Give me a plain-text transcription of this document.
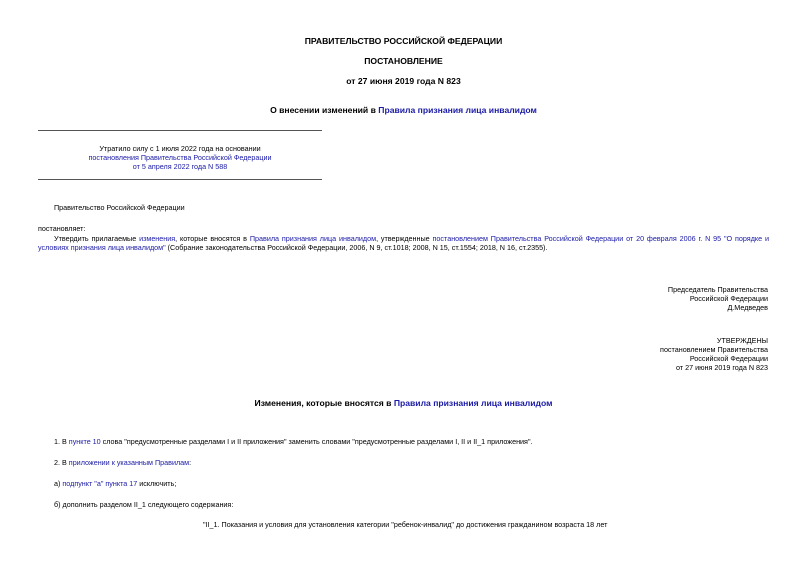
ПРАВИТЕЛЬСТВО РОССИЙСКОЙ ФЕДЕРАЦИИ
ПОСТАНОВЛЕНИЕ
от 27 июня 2019 года N 823
О внесении изменений в Правила признания лица инвалидом
Утратило силу с 1 июля 2022 года на основании
постановления Правительства Российской Федерации
от 5 апреля 2022 года N 588
Правительство Российской Федерации
постановляет:
Утвердить прилагаемые изменения, которые вносятся в Правила признания лица инвалидом, утвержденные постановлением Правительства Российской Федерации от 20 февраля 2006 г. N 95 "О порядке и условиях признания лица инвалидом" (Собрание законодательства Российской Федерации, 2006, N 9, ст.1018; 2008, N 15, ст.1554; 2018, N 16, ст.2355).
Председатель Правительства
Российской Федерации
Д.Медведев
УТВЕРЖДЕНЫ
постановлением Правительства
Российской Федерации
от 27 июня 2019 года N 823
Изменения, которые вносятся в Правила признания лица инвалидом
1. В пункте 10 слова "предусмотренные разделами I и II приложения" заменить словами "предусмотренные разделами I, II и II_1 приложения".
2. В приложении к указанным Правилам:
а) подпункт "а" пункта 17 исключить;
б) дополнить разделом II_1 следующего содержания:
"II_1. Показания и условия для установления категории "ребенок-инвалид" до достижения гражданином возраста 18 лет
